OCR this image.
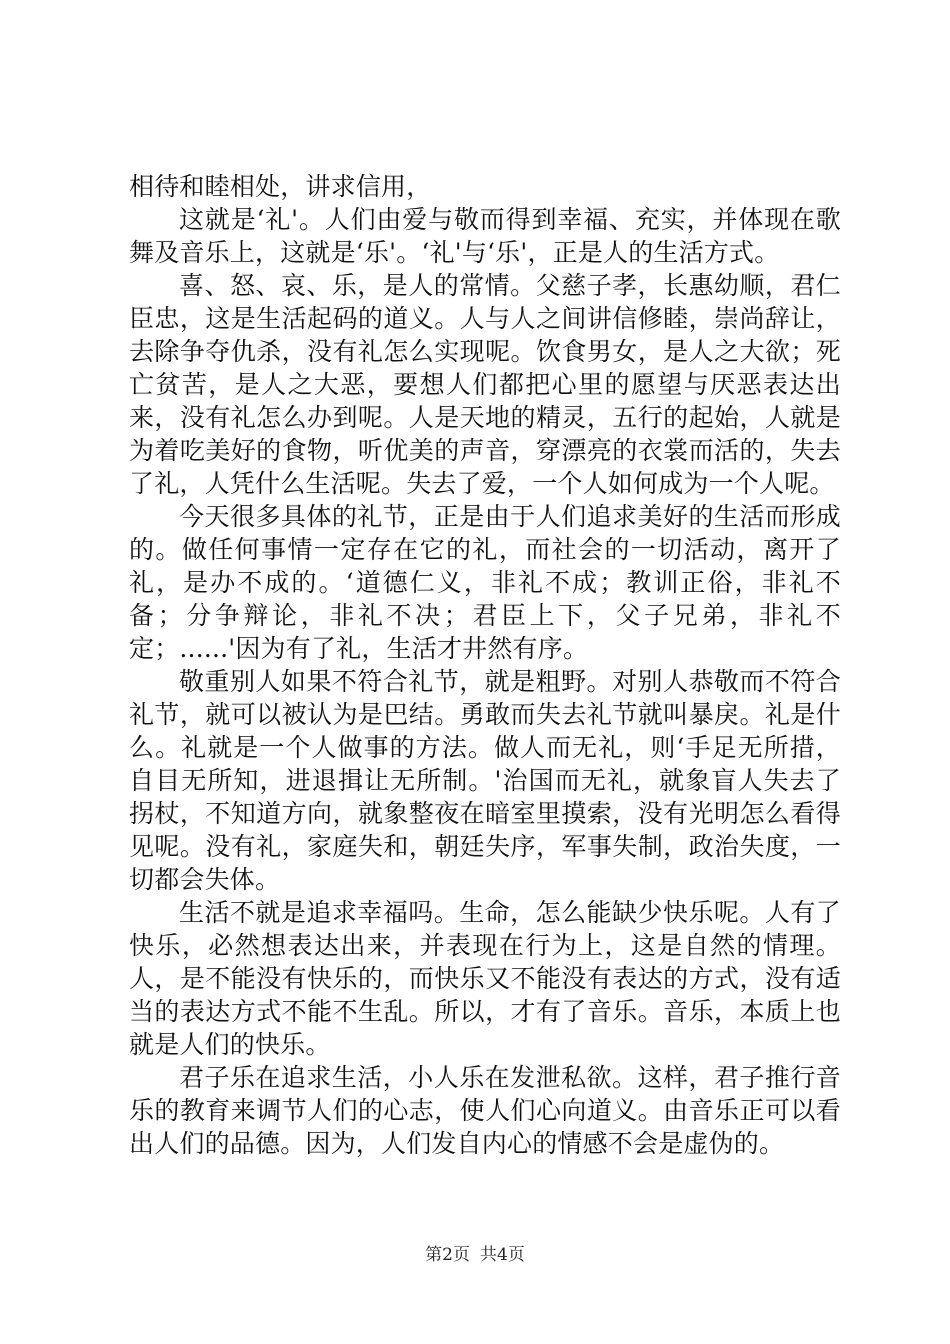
相待和睦相处，讲求信用，

这就是‘礼'。人们由爱与敬而得到幸福、充实，并体现在歌舞及音乐上，这就是‘乐'。‘礼'与‘乐'，正是人的生活方式。

喜、怒、哀、乐，是人的常情。父慈子孝，长惠幼顺，君仁臣忠，这是生活起码的道义。人与人之间讲信修睦，崇尚辞让，去除争夺仇杀，没有礼怎么实现呢。饮食男女，是人之大欲；死亡贫苦，是人之大恶，要想人们都把心里的愿望与厌恶表达出来，没有礼怎么办到呢。人是天地的精灵，五行的起始，人就是为着吃美好的食物，听优美的声音，穿漂亮的衣裳而活的，失去了礼，人凭什么生活呢。失去了爱，一个人如何成为一个人呢。

今天很多具体的礼节，正是由于人们追求美好的生活而形成的。做任何事情一定存在它的礼，而社会的一切活动，离开了礼，是办不成的。‘道德仁义，非礼不成；教训正俗，非礼不备；分争辩论，非礼不决；君臣上下，父子兄弟，非礼不定；......'因为有了礼，生活才井然有序。

敬重别人如果不符合礼节，就是粗野。对别人恭敬而不符合礼节，就可以被认为是巴结。勇敢而失去礼节就叫暴戾。礼是什么。礼就是一个人做事的方法。做人而无礼，则‘手足无所措，自目无所知，进退揖让无所制。'治国而无礼，就象盲人失去了拐杖，不知道方向，就象整夜在暗室里摸索，没有光明怎么看得见呢。没有礼，家庭失和，朝廷失序，军事失制，政治失度，一切都会失体。

生活不就是追求幸福吗。生命，怎么能缺少快乐呢。人有了快乐，必然想表达出来，并表现在行为上，这是自然的情理。人，是不能没有快乐的，而快乐又不能没有表达的方式，没有适当的表达方式不能不生乱。所以，才有了音乐。音乐，本质上也就是人们的快乐。

君子乐在追求生活，小人乐在发泄私欲。这样，君子推行音乐的教育来调节人们的心志，使人们心向道义。由音乐正可以看出人们的品德。因为，人们发自内心的情感不会是虚伪的。

第2页 共4页
